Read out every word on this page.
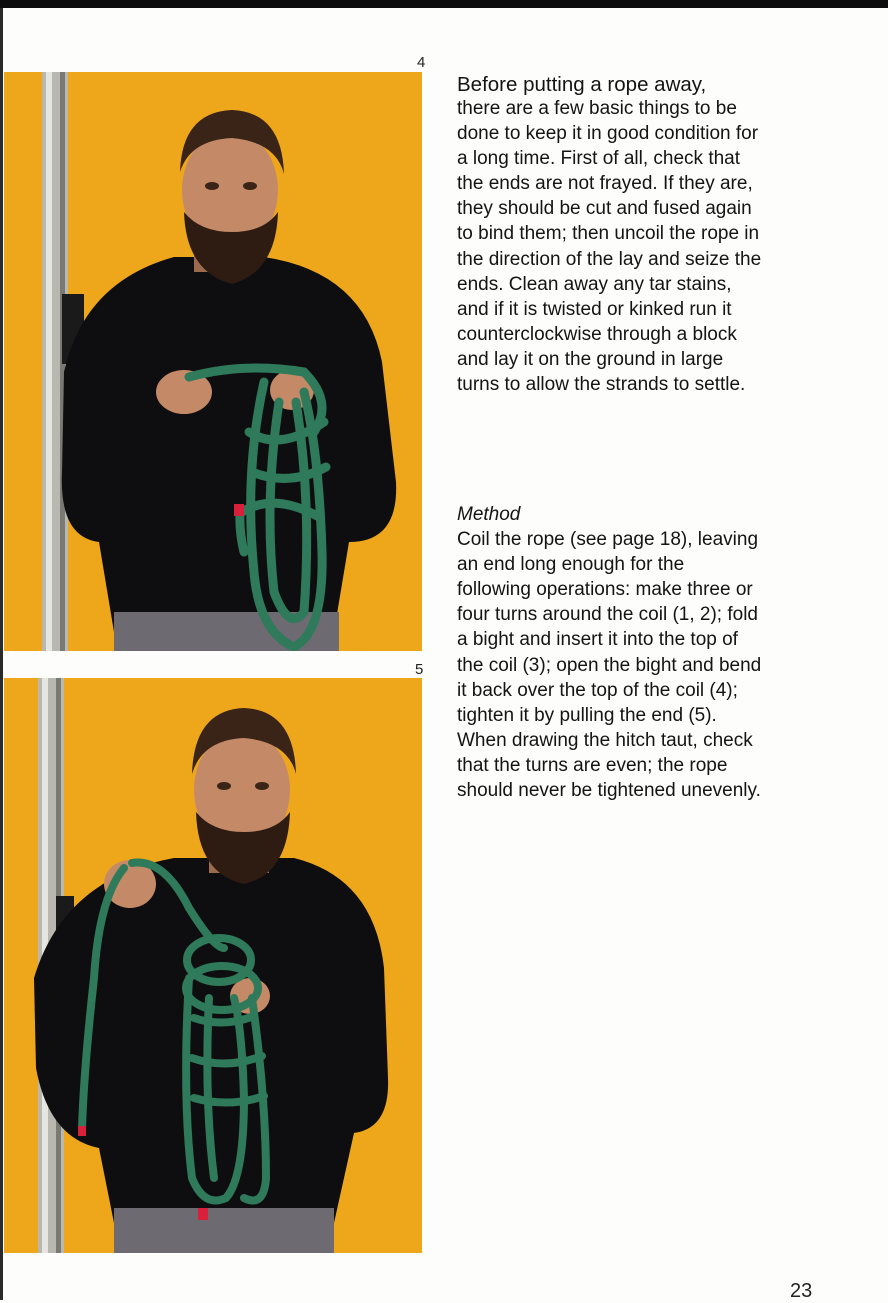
4
5
Before putting a rope away,
there are a few basic things to be done to keep it in good condition for a long time. First of all, check that the ends are not frayed. If they are, they should be cut and fused again to bind them; then uncoil the rope in the direction of the lay and seize the ends. Clean away any tar stains, and if it is twisted or kinked run it counterclockwise through a block and lay it on the ground in large turns to allow the strands to settle.
Method
Coil the rope (see page 18), leaving an end long enough for the following operations: make three or four turns around the coil (1, 2); fold a bight and insert it into the top of the coil (3); open the bight and bend it back over the top of the coil (4); tighten it by pulling the end (5). When drawing the hitch taut, check that the turns are even; the rope should never be tightened unevenly.
23
